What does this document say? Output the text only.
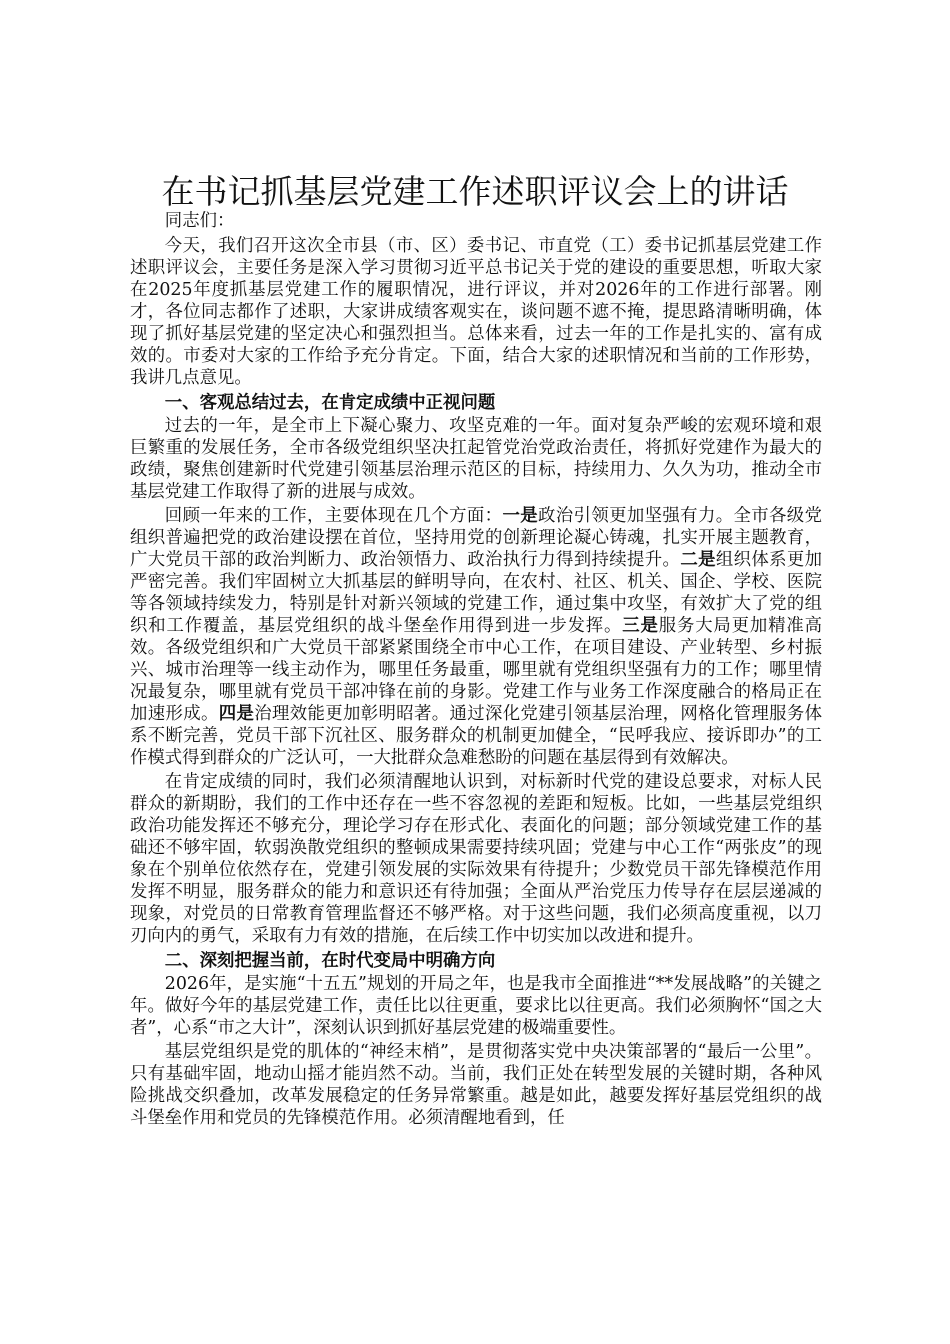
在书记抓基层党建工作述职评议会上的讲话

同志们：

今天，我们召开这次全市县（市、区）委书记、市直党（工）委书记抓基层党建工作述职评议会，主要任务是深入学习贯彻习近平总书记关于党的建设的重要思想，听取大家在2025年度抓基层党建工作的履职情况，进行评议，并对2026年的工作进行部署。刚才，各位同志都作了述职，大家讲成绩客观实在，谈问题不遮不掩，提思路清晰明确，体现了抓好基层党建的坚定决心和强烈担当。总体来看，过去一年的工作是扎实的、富有成效的。市委对大家的工作给予充分肯定。下面，结合大家的述职情况和当前的工作形势，我讲几点意见。

一、客观总结过去，在肯定成绩中正视问题

过去的一年，是全市上下凝心聚力、攻坚克难的一年。面对复杂严峻的宏观环境和艰巨繁重的发展任务，全市各级党组织坚决扛起管党治党政治责任，将抓好党建作为最大的政绩，聚焦创建新时代党建引领基层治理示范区的目标，持续用力、久久为功，推动全市基层党建工作取得了新的进展与成效。

回顾一年来的工作，主要体现在几个方面：一是政治引领更加坚强有力。全市各级党组织普遍把党的政治建设摆在首位，坚持用党的创新理论凝心铸魂，扎实开展主题教育，广大党员干部的政治判断力、政治领悟力、政治执行力得到持续提升。二是组织体系更加严密完善。我们牢固树立大抓基层的鲜明导向，在农村、社区、机关、国企、学校、医院等各领域持续发力，特别是针对新兴领域的党建工作，通过集中攻坚，有效扩大了党的组织和工作覆盖，基层党组织的战斗堡垒作用得到进一步发挥。三是服务大局更加精准高效。各级党组织和广大党员干部紧紧围绕全市中心工作，在项目建设、产业转型、乡村振兴、城市治理等一线主动作为，哪里任务最重，哪里就有党组织坚强有力的工作；哪里情况最复杂，哪里就有党员干部冲锋在前的身影。党建工作与业务工作深度融合的格局正在加速形成。四是治理效能更加彰明昭著。通过深化党建引领基层治理，网格化管理服务体系不断完善，党员干部下沉社区、服务群众的机制更加健全，“民呼我应、接诉即办”的工作模式得到群众的广泛认可，一大批群众急难愁盼的问题在基层得到有效解决。

在肯定成绩的同时，我们必须清醒地认识到，对标新时代党的建设总要求，对标人民群众的新期盼，我们的工作中还存在一些不容忽视的差距和短板。比如，一些基层党组织政治功能发挥还不够充分，理论学习存在形式化、表面化的问题；部分领域党建工作的基础还不够牢固，软弱涣散党组织的整顿成果需要持续巩固；党建与中心工作“两张皮”的现象在个别单位依然存在，党建引领发展的实际效果有待提升；少数党员干部先锋模范作用发挥不明显，服务群众的能力和意识还有待加强；全面从严治党压力传导存在层层递减的现象，对党员的日常教育管理监督还不够严格。对于这些问题，我们必须高度重视，以刀刃向内的勇气，采取有力有效的措施，在后续工作中切实加以改进和提升。

二、深刻把握当前，在时代变局中明确方向

2026年，是实施“十五五”规划的开局之年，也是我市全面推进“**发展战略”的关键之年。做好今年的基层党建工作，责任比以往更重，要求比以往更高。我们必须胸怀“国之大者”，心系“市之大计”，深刻认识到抓好基层党建的极端重要性。

基层党组织是党的肌体的“神经末梢”，是贯彻落实党中央决策部署的“最后一公里”。只有基础牢固，地动山摇才能岿然不动。当前，我们正处在转型发展的关键时期，各种风险挑战交织叠加，改革发展稳定的任务异常繁重。越是如此，越要发挥好基层党组织的战斗堡垒作用和党员的先锋模范作用。必须清醒地看到，任
